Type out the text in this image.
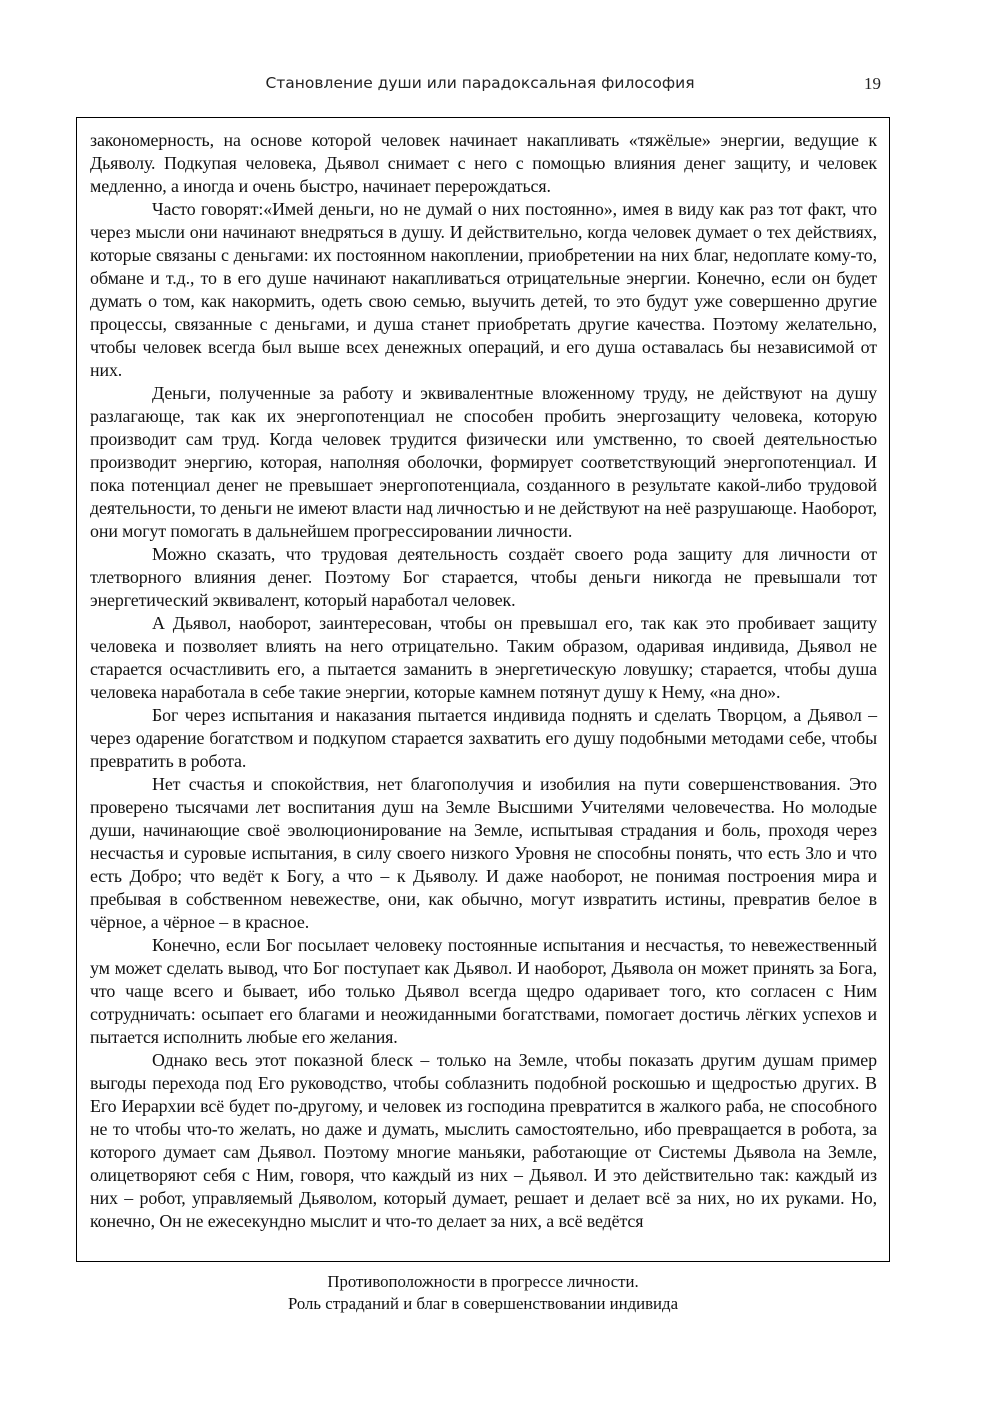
Становление души или парадоксальная философия	19

закономерность, на основе которой человек начинает накапливать «тяжёлые» энергии, ведущие к Дьяволу. Подкупая человека, Дьявол снимает с него с помощью влияния денег защиту, и человек медленно, а иногда и очень быстро, начинает перерождаться.

Часто говорят:«Имей деньги, но не думай о них постоянно», имея в виду как раз тот факт, что через мысли они начинают внедряться в душу. И действительно, когда человек думает о тех действиях, которые связаны с деньгами: их постоянном накоплении, приобретении на них благ, недоплате кому-то, обмане и т.д., то в его душе начинают накапливаться отрицательные энергии. Конечно, если он будет думать о том, как накормить, одеть свою семью, выучить детей, то это будут уже совершенно другие процессы, связанные с деньгами, и душа станет приобретать другие качества. Поэтому желательно, чтобы человек всегда был выше всех денежных операций, и его душа оставалась бы независимой от них.

Деньги, полученные за работу и эквивалентные вложенному труду, не действуют на душу разлагающе, так как их энергопотенциал не способен пробить энергозащиту человека, которую производит сам труд. Когда человек трудится физически или умственно, то своей деятельностью производит энергию, которая, наполняя оболочки, формирует соответствующий энергопотенциал. И пока потенциал денег не превышает энергопотенциала, созданного в результате какой-либо трудовой деятельности, то деньги не имеют власти над личностью и не действуют на неё разрушающе. Наоборот, они могут помогать в дальнейшем прогрессировании личности.

Можно сказать, что трудовая деятельность создаёт своего рода защиту для личности от тлетворного влияния денег. Поэтому Бог старается, чтобы деньги никогда не превышали тот энергетический эквивалент, который наработал человек.

А Дьявол, наоборот, заинтересован, чтобы он превышал его, так как это пробивает защиту человека и позволяет влиять на него отрицательно. Таким образом, одаривая индивида, Дьявол не старается осчастливить его, а пытается заманить в энергетическую ловушку; старается, чтобы душа человека наработала в себе такие энергии, которые камнем потянут душу к Нему, «на дно».

Бог через испытания и наказания пытается индивида поднять и сделать Творцом, а Дьявол – через одарение богатством и подкупом старается захватить его душу подобными методами себе, чтобы превратить в робота.

Нет счастья и спокойствия, нет благополучия и изобилия на пути совершенствования. Это проверено тысячами лет воспитания душ на Земле Высшими Учителями человечества. Но молодые души, начинающие своё эволюционирование на Земле, испытывая страдания и боль, проходя через несчастья и суровые испытания, в силу своего низкого Уровня не способны понять, что есть Зло и что есть Добро; что ведёт к Богу, а что – к Дьяволу. И даже наоборот, не понимая построения мира и пребывая в собственном невежестве, они, как обычно, могут извратить истины, превратив белое в чёрное, а чёрное – в красное.

Конечно, если Бог посылает человеку постоянные испытания и несчастья, то невежественный ум может сделать вывод, что Бог поступает как Дьявол. И наоборот, Дьявола он может принять за Бога, что чаще всего и бывает, ибо только Дьявол всегда щедро одаривает того, кто согласен с Ним сотрудничать: осыпает его благами и неожиданными богатствами, помогает достичь лёгких успехов и пытается исполнить любые его желания.

Однако весь этот показной блеск – только на Земле, чтобы показать другим душам пример выгоды перехода под Его руководство, чтобы соблазнить подобной роскошью и щедростью других. В Его Иерархии всё будет по-другому, и человек из господина превратится в жалкого раба, не способного не то чтобы что-то желать, но даже и думать, мыслить самостоятельно, ибо превращается в робота, за которого думает сам Дьявол. Поэтому многие маньяки, работающие от Системы Дьявола на Земле, олицетворяют себя с Ним, говоря, что каждый из них – Дьявол. И это действительно так: каждый из них – робот, управляемый Дьяволом, который думает, решает и делает всё за них, но их руками. Но, конечно, Он не ежесекундно мыслит и что-то делает за них, а всё ведётся

Противоположности в прогрессе личности.
Роль страданий и благ в совершенствовании индивида
